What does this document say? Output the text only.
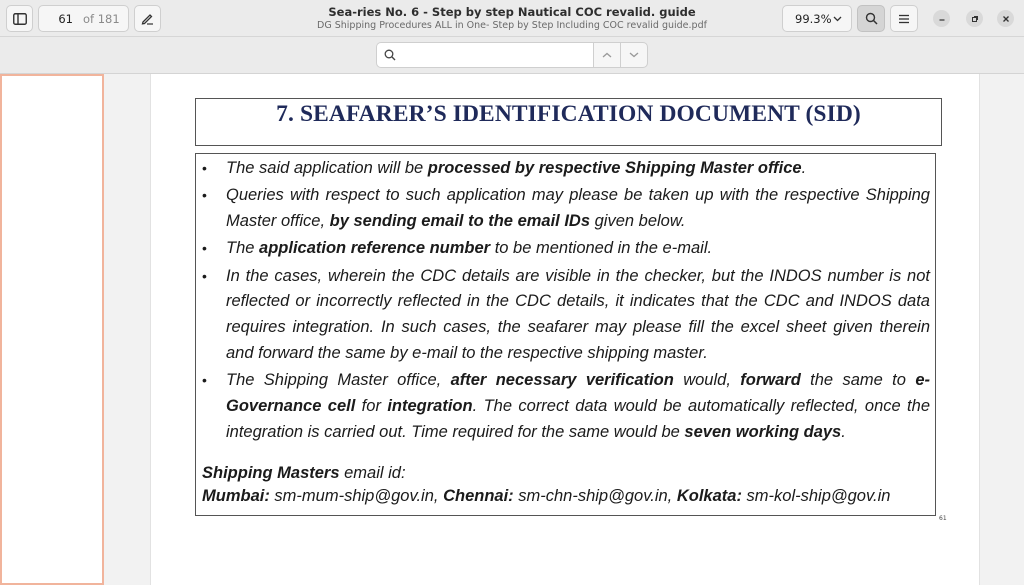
61 of 181	Sea-ries No. 6 - Step by step Nautical COC revalid. guide
DG Shipping Procedures ALL in One- Step by Step Including COC revalid guide.pdf	99.3%
7. SEAFARER’S IDENTIFICATION DOCUMENT (SID)
• The said application will be processed by respective Shipping Master office.
• Queries with respect to such application may please be taken up with the respective Shipping Master office, by sending email to the email IDs given below.
• The application reference number to be mentioned in the e-mail.
• In the cases, wherein the CDC details are visible in the checker, but the INDOS number is not reflected or incorrectly reflected in the CDC details, it indicates that the CDC and INDOS data requires integration. In such cases, the seafarer may please fill the excel sheet given therein and forward the same by e-mail to the respective shipping master.
• The Shipping Master office, after necessary verification would, forward the same to e-Governance cell for integration. The correct data would be automatically reflected, once the integration is carried out. Time required for the same would be seven working days.
Shipping Masters email id:
Mumbai: sm-mum-ship@gov.in, Chennai: sm-chn-ship@gov.in, Kolkata: sm-kol-ship@gov.in
61
